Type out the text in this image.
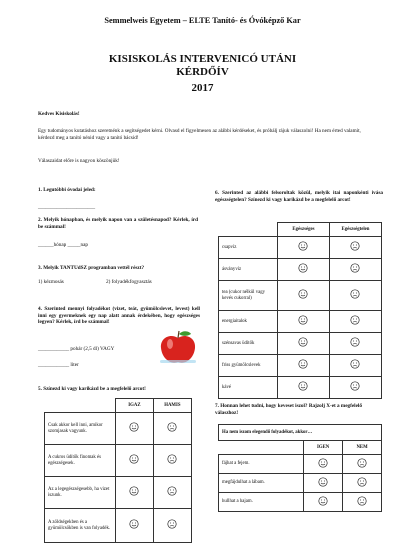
Semmelweis Egyetem – ELTE Tanító- és Óvóképző Kar
KISISKOLÁS INTERVENICÓ UTÁNI
KÉRDŐÍV
2017
Kedves Kisiskolás!
Egy tudományos kutatáshoz szeretnénk a segítségedet kérni. Olvasd el figyelmesen az alábbi kérdéseket, és próbálj rájuk válaszolni! Ha nem érted valamit, kérdezd meg a tanító nénid vagy a tanító bácsid!
Válaszaidat előre is nagyon köszönjük!
1. Legutóbbi óvodai jeled:
______________________
2. Melyik hónapban, és melyik napon van a születésnapod? Kérlek, írd be számmal!
______hónap _____nap
3. Melyik TANTUdSZ programban vettél részt?
1) kézmosás	2) folyadékfogyasztás
4. Szerinted mennyi folyadékot (vizet, teát, gyümölcslevet, levest) kell inni egy gyermeknek egy nap alatt annak érdekében, hogy egészséges legyen? Kérlek, írd be számmal!
____________ pohár (2,5 dl) VAGY
____________ liter
5. Színezd ki vagy karikázd be a megfelelő arcot!
	IGAZ	HAMIS
Csak akkor kell inni, amikor szomjasak vagyunk.	

A cukros üdítők finomak és egészségesek.	

Az a legegészségesebb, ha vizet iszunk.	

A zöldségekben és a gyümölcsökben is van folyadék.	

6. Szerinted az alábbi felsoroltak közül, melyik itai naponkénti ivása egészségtelen? Színezd ki vagy karikázd be a megfelelő arcot!
	Egészséges	Egészségtelen
csapvíz	

ásványvíz	

tea (cukor nélkül vagy kevés cukorral)	

energiaitalok	

szénsavas üdítők	

friss gyümölcslevek	

kávé	

7. Honnan lehet tudni, hogy keveset iszol? Rajzolj X-et a megfelelő válaszhoz!
Ha nem iszom elegendő folyadékot, akkor…		
	IGEN	NEM
fájhat a fejem.	

megfájdulhat a lábam.	

hullhat a hajam.	
